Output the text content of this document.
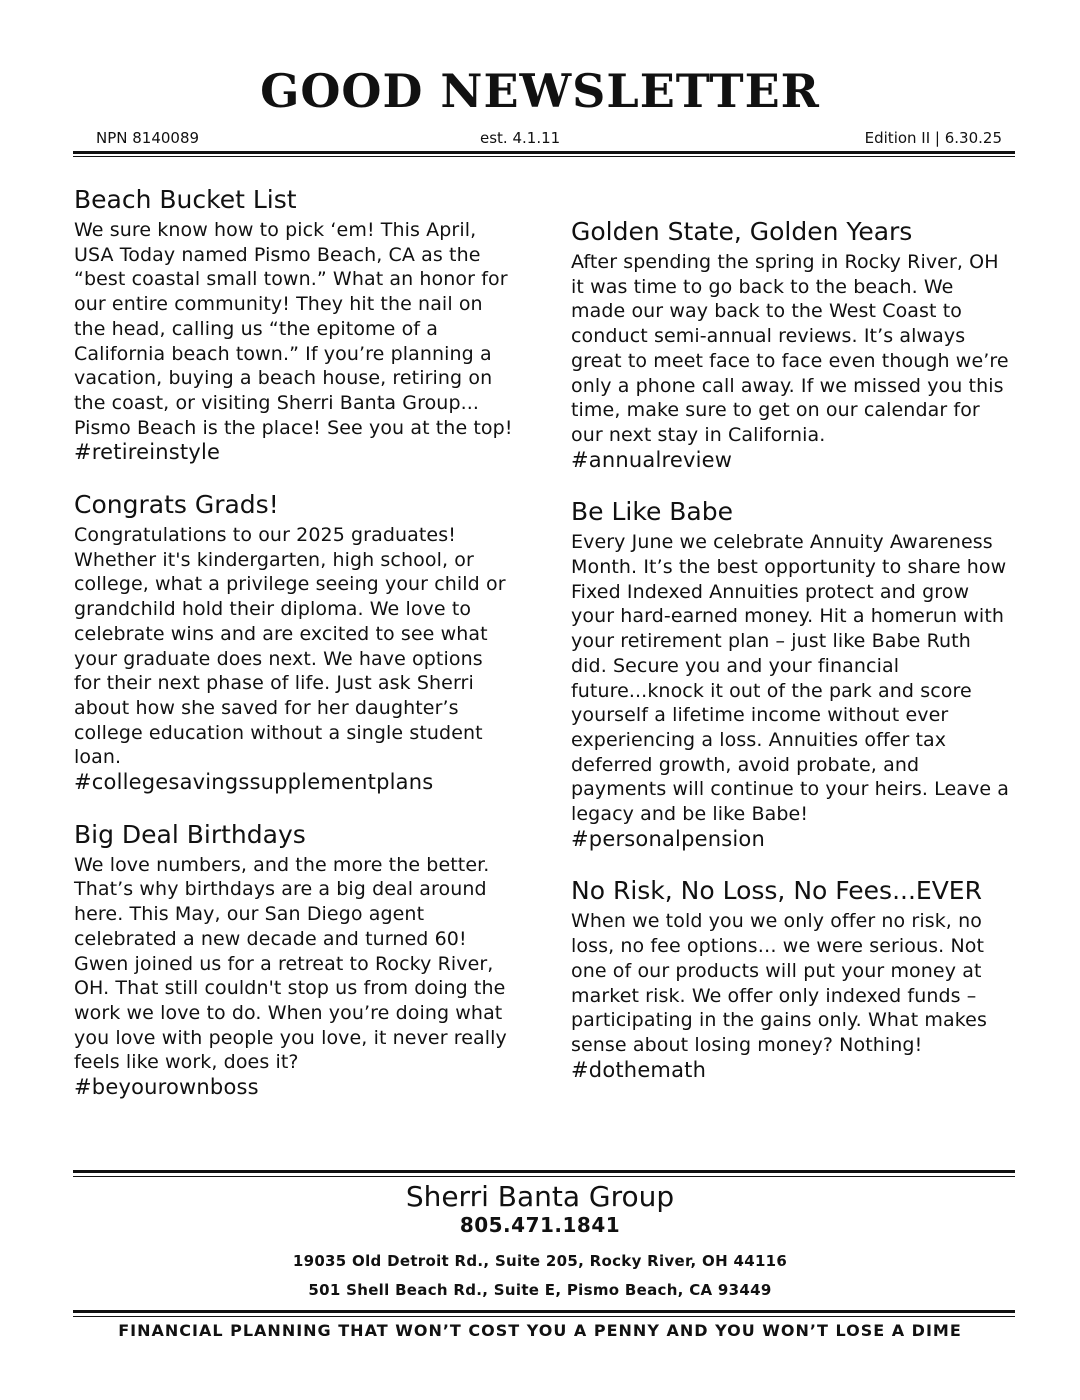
GOOD NEWSLETTER
NPN 8140089	est. 4.1.11	Edition II | 6.30.25
Beach Bucket List

We sure know how to pick ‘em! This April, USA Today named Pismo Beach, CA as the “best coastal small town.” What an honor for our entire community! They hit the nail on the head, calling us “the epitome of a California beach town.” If you’re planning a vacation, buying a beach house, retiring on the coast, or visiting Sherri Banta Group... Pismo Beach is the place! See you at the top!

#retireinstyle

Congrats Grads!

Congratulations to our 2025 graduates! Whether it's kindergarten, high school, or college, what a privilege seeing your child or grandchild hold their diploma. We love to celebrate wins and are excited to see what your graduate does next. We have options for their next phase of life. Just ask Sherri about how she saved for her daughter’s college education without a single student loan.

#collegesavingssupplementplans

Big Deal Birthdays

We love numbers, and the more the better. That’s why birthdays are a big deal around here. This May, our San Diego agent celebrated a new decade and turned 60! Gwen joined us for a retreat to Rocky River, OH. That still couldn't stop us from doing the work we love to do. When you’re doing what you love with people you love, it never really feels like work, does it?

#beyourownboss

Golden State, Golden Years

After spending the spring in Rocky River, OH it was time to go back to the beach. We made our way back to the West Coast to conduct semi-annual reviews. It’s always great to meet face to face even though we’re only a phone call away. If we missed you this time, make sure to get on our calendar for our next stay in California.

#annualreview

Be Like Babe

Every June we celebrate Annuity Awareness Month. It’s the best opportunity to share how Fixed Indexed Annuities protect and grow your hard-earned money. Hit a homerun with your retirement plan – just like Babe Ruth did. Secure you and your financial future...knock it out of the park and score yourself a lifetime income without ever experiencing a loss. Annuities offer tax deferred growth, avoid probate, and payments will continue to your heirs. Leave a legacy and be like Babe!

#personalpension

No Risk, No Loss, No Fees...EVER

When we told you we only offer no risk, no loss, no fee options… we were serious. Not one of our products will put your money at market risk. We offer only indexed funds – participating in the gains only. What makes sense about losing money? Nothing!

#dothemath

Sherri Banta Group
805.471.1841
19035 Old Detroit Rd., Suite 205, Rocky River, OH 44116
501 Shell Beach Rd., Suite E, Pismo Beach, CA 93449
FINANCIAL PLANNING THAT WON’T COST YOU A PENNY AND YOU WON’T LOSE A DIME
